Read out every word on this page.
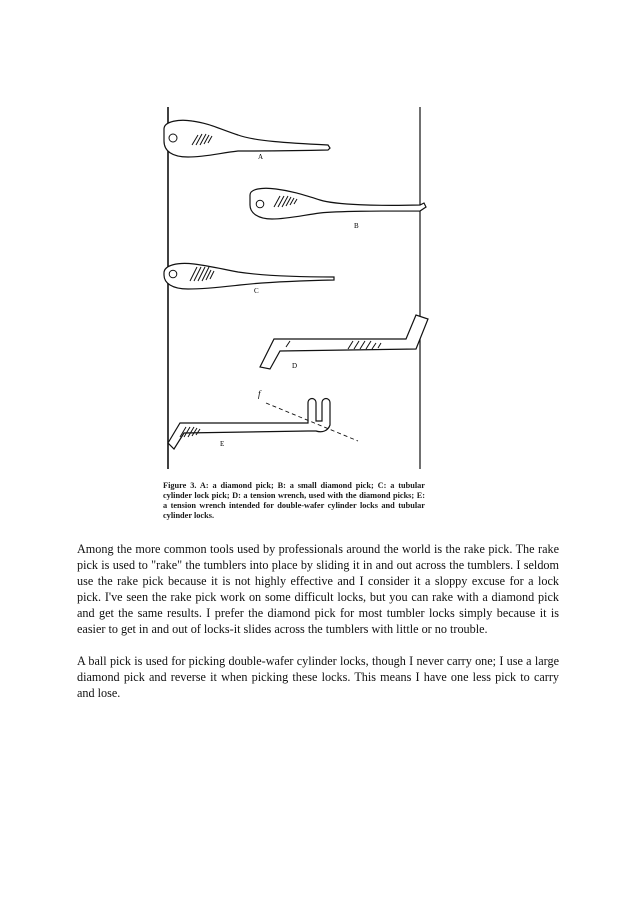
A
B
C
D
E
f

Figure 3. A: a diamond pick; B: a small diamond pick; C: a tubular cylinder lock pick; D: a tension wrench, used with the diamond picks; E: a tension wrench intended for double-wafer cylinder locks and tubular cylinder locks.

Among the more common tools used by professionals around the world is the rake pick. The rake pick is used to "rake" the tumblers into place by sliding it in and out across the tumblers. I seldom use the rake pick because it is not highly effective and I consider it a sloppy excuse for a lock pick. I've seen the rake pick work on some difficult locks, but you can rake with a diamond pick and get the same results. I prefer the diamond pick for most tumbler locks simply because it is easier to get in and out of locks-it slides across the tumblers with little or no trouble.

A ball pick is used for picking double-wafer cylinder locks, though I never carry one; I use a large diamond pick and reverse it when picking these locks. This means I have one less pick to carry and lose.
